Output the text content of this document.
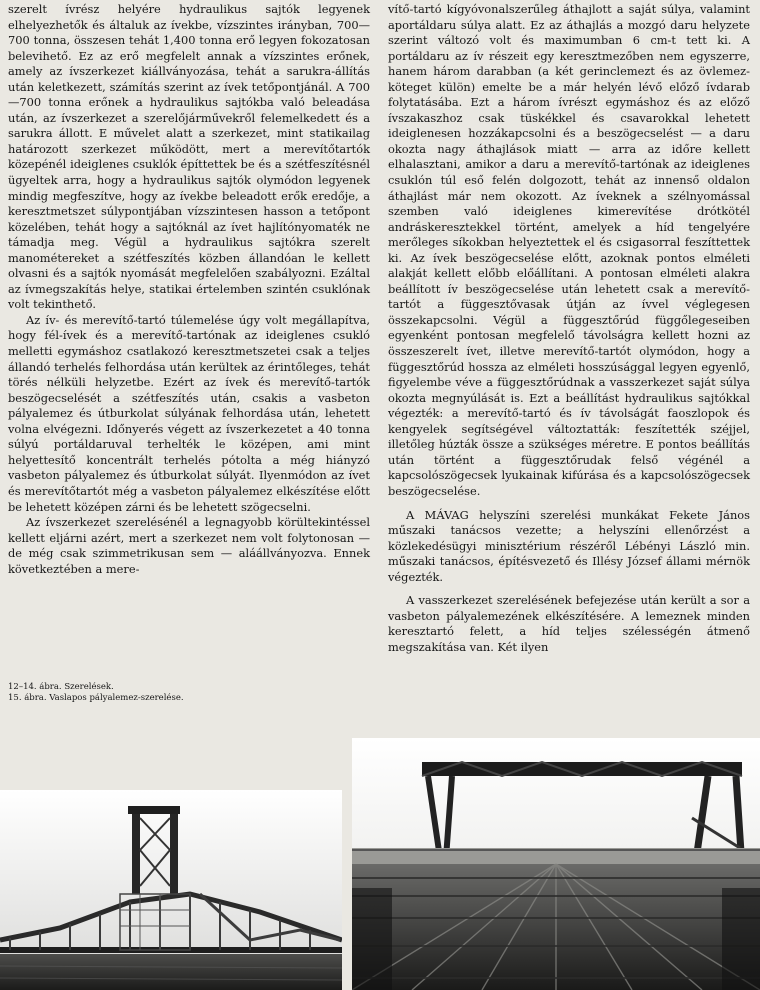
szerelt ívrész helyére hydraulikus sajtók legyenek elhelyezhetők és általuk az ívekbe, vízszintes irányban, 700—700 tonna, összesen tehát 1,400 tonna erő legyen fokozatosan belevihető. Ez az erő megfelelt annak a vízszintes erőnek, amely az ívszerkezet kiállványozása, tehát a sarukra-állítás után keletkezett, számítás szerint az ívek tetőpontjánál. A 700—700 tonna erőnek a hydraulikus sajtókba való beleadása után, az ívszerkezet a szerelőjárművekről felemelkedett és a sarukra állott. E művelet alatt a szerkezet, mint statikailag határozott szerkezet működött, mert a merevítőtartók közepénél ideiglenes csuklók építtettek be és a szétfeszítésnél ügyeltek arra, hogy a hydraulikus sajtók olymódon legyenek mindig megfeszítve, hogy az ívekbe beleadott erők eredője, a keresztmetszet súlypontjában vízszintesen hasson a tetőpont közelében, tehát hogy a sajtóknál az ívet hajlítónyomaték ne támadja meg. Végül a hydraulikus sajtókra szerelt manométereket a szétfeszítés közben állandóan le kellett olvasni és a sajtók nyomását megfelelően szabályozni. Ezáltal az ívmegszakítás helye, statikai értelemben szintén csuklónak volt tekinthető.

Az ív- és merevítő-tartó túlemelése úgy volt megállapítva, hogy fél-ívek és a merevítő-tartónak az ideiglenes csukló melletti egymáshoz csatlakozó keresztmetszetei csak a teljes állandó terhelés felhordása után kerültek az érintőleges, tehát törés nélküli helyzetbe. Ezért az ívek és merevítő-tartók beszögecselését a szétfeszítés után, csakis a vasbeton pályalemez és útburkolat súlyának felhordása után, lehetett volna elvégezni. Időnyerés végett az ívszerkezetet a 40 tonna súlyú portáldaruval terhelték le középen, ami mint helyettesítő koncentrált terhelés pótolta a még hiányzó vasbeton pályalemez és útburkolat súlyát. Ilyenmódon az ívet és merevítőtartót még a vasbeton pályalemez elkészítése előtt be lehetett középen zárni és be lehetett szögecselni.

Az ívszerkezet szerelésénél a legnagyobb körültekintéssel kellett eljárni azért, mert a szerkezet nem volt folytonosan — de még csak szimmetrikusan sem — aláállványozva. Ennek következtében a mere-

12–14. ábra. Szerelések.
15. ábra. Vaslapos pályalemez-szerelése.

vítő-tartó kígyóvonalszerűleg áthajlott a saját súlya, valamint aportáldaru súlya alatt. Ez az áthajlás a mozgó daru helyzete szerint változó volt és maximumban 6 cm-t tett ki. A portáldaru az ív részeit egy keresztmezőben nem egyszerre, hanem három darabban (a két gerinclemezt és az övlemez-köteget külön) emelte be a már helyén lévő előző ívdarab folytatásába. Ezt a három ívrészt egymáshoz és az előző ívszakaszhoz csak tüskékkel és csavarokkal lehetett ideiglenesen hozzákapcsolni és a beszögecselést — a daru okozta nagy áthajlások miatt — arra az időre kellett elhalasztani, amikor a daru a merevítő-tartónak az ideiglenes csuklón túl eső felén dolgozott, tehát az innenső oldalon áthajlást már nem okozott. Az íveknek a szélnyomással szemben való ideiglenes kimerevítése drótkötél andráskeresztekkel történt, amelyek a híd tengelyére merőleges síkokban helyeztettek el és csigasorral feszíttettek ki. Az ívek beszögecselése előtt, azoknak pontos elméleti alakját kellett előbb előállítani. A pontosan elméleti alakra beállított ív beszögecselése után lehetett csak a merevítő-tartót a függesztővasak útján az ívvel véglegesen összekapcsolni. Végül a függesztőrúd függőlegeseiben egyenként pontosan megfelelő távolságra kellett hozni az összeszerelt ívet, illetve merevítő-tartót olymódon, hogy a függesztőrúd hossza az elméleti hosszúsággal legyen egyenlő, figyelembe véve a függesztőrúdnak a vasszerkezet saját súlya okozta megnyúlását is. Ezt a beállítást hydraulikus sajtókkal végezték: a merevítő-tartó és ív távolságát faoszlopok és kengyelek segítségével változtatták: feszítették széjjel, illetőleg húzták össze a szükséges méretre. E pontos beállítás után történt a függesztőrudak felső végénél a kapcsolószögecsek lyukainak kifúrása és a kapcsolószögecsek beszögecselése.

A MÁVAG helyszíni szerelési munkákat Fekete János műszaki tanácsos vezette; a helyszíni ellenőrzést a közlekedésügyi minisztérium részéről Lébényi László min. műszaki tanácsos, építésvezető és Illésy József állami mérnök végezték.

A vasszerkezet szerelésének befejezése után került a sor a vasbeton pályalemezének elkészítésére. A lemeznek minden keresztartó felett, a híd teljes szélességén átmenő megszakítása van. Két ilyen
